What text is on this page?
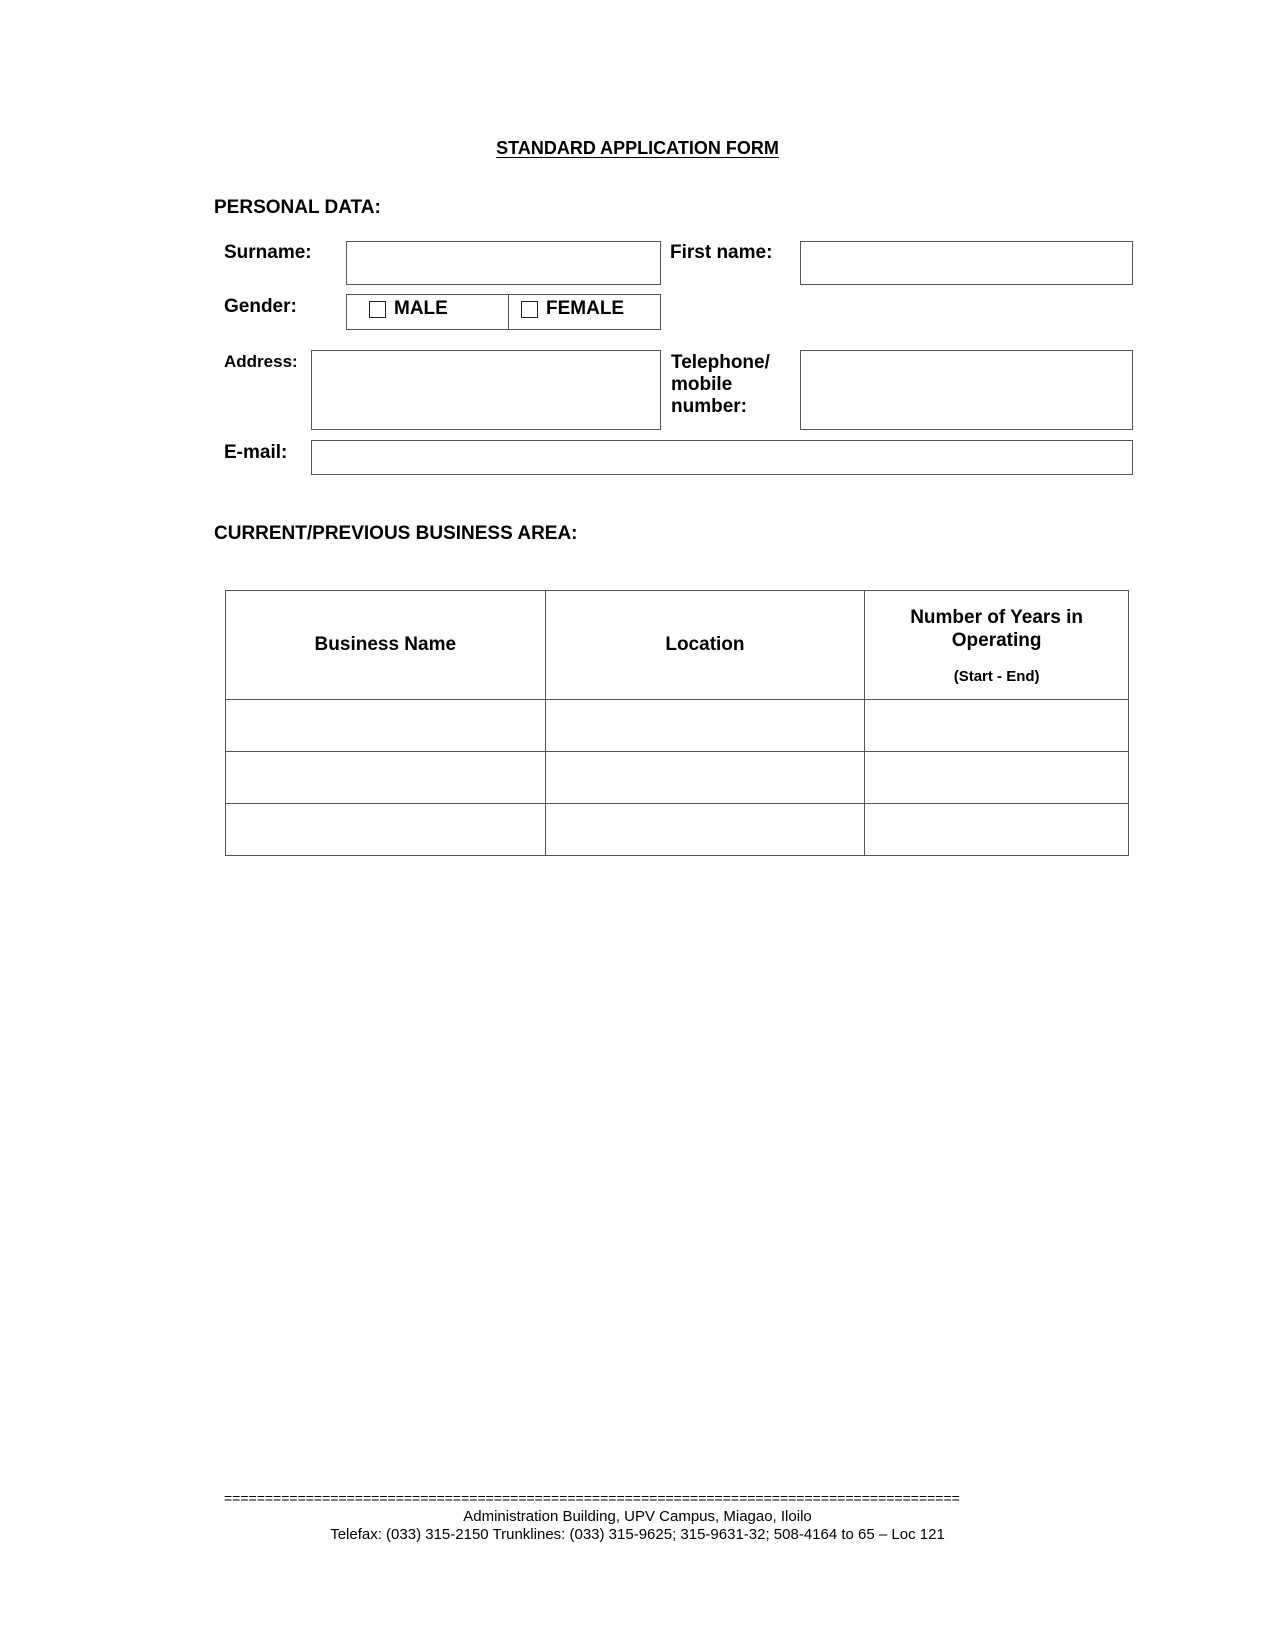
STANDARD APPLICATION FORM
PERSONAL DATA:
Surname:	First name:
Gender:	MALE	FEMALE
Address:	Telephone/
mobile
number:
E-mail:
CURRENT/PREVIOUS BUSINESS AREA:
Business Name	Location	Number of Years in Operating
(Start - End)

==========================================================================================
Administration Building, UPV Campus, Miagao, Iloilo
Telefax: (033) 315-2150 Trunklines: (033) 315-9625; 315-9631-32; 508-4164 to 65 – Loc 121
